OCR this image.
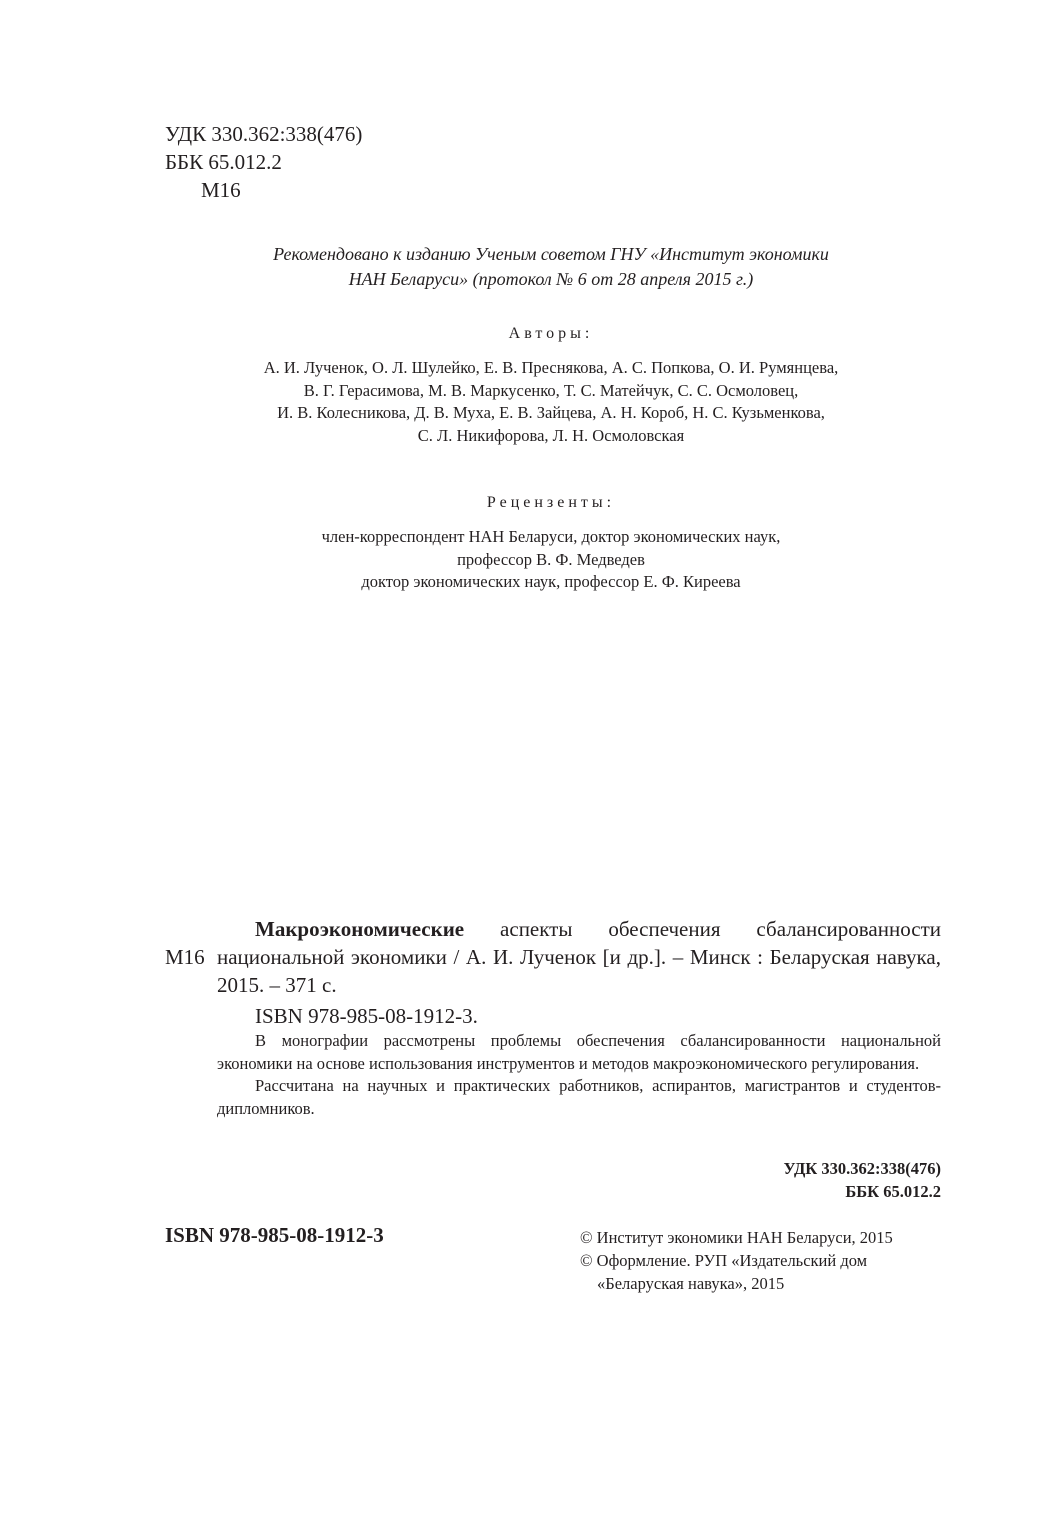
УДК 330.362:338(476)
ББК 65.012.2
М16
Рекомендовано к изданию Ученым советом ГНУ «Институт экономики
НАН Беларуси» (протокол № 6 от 28 апреля 2015 г.)
Авторы:
А. И. Лученок, О. Л. Шулейко, Е. В. Преснякова, А. С. Попкова, О. И. Румянцева,
В. Г. Герасимова, М. В. Маркусенко, Т. С. Матейчук, С. С. Осмоловец,
И. В. Колесникова, Д. В. Муха, Е. В. Зайцева, А. Н. Короб, Н. С. Кузьменкова,
С. Л. Никифорова, Л. Н. Осмоловская
Рецензенты:
член-корреспондент НАН Беларуси, доктор экономических наук,
профессор В. Ф. Медведев
доктор экономических наук, профессор Е. Ф. Киреева
М16
Макроэкономические аспекты обеспечения сбалансированности национальной экономики / А. И. Лученок [и др.]. – Минск : Беларуская навука, 2015. – 371 с.
ISBN 978-985-08-1912-3.

В монографии рассмотрены проблемы обеспечения сбалансированности национальной экономики на основе использования инструментов и методов макроэкономического регулирования.

Рассчитана на научных и практических работников, аспирантов, магистрантов и студентов-дипломников.

УДК 330.362:338(476)
ББК 65.012.2
ISBN 978-985-08-1912-3	© Институт экономики НАН Беларуси, 2015
© Оформление. РУП «Издательский дом
«Беларуская навука», 2015
